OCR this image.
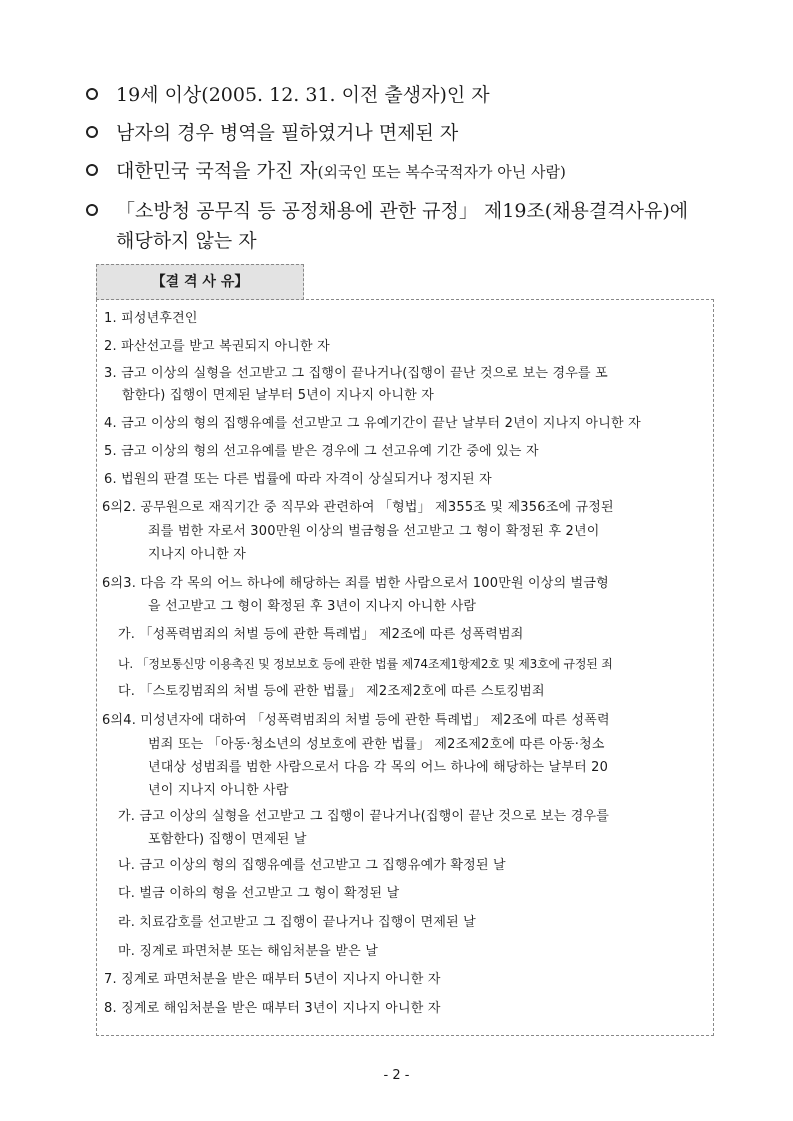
19세 이상(2005. 12. 31. 이전 출생자)인 자
남자의 경우 병역을 필하였거나 면제된 자
대한민국 국적을 가진 자(외국인 또는 복수국적자가 아닌 사람)
「소방청 공무직 등 공정채용에 관한 규정」 제19조(채용결격사유)에
해당하지 않는 자
【결 격 사 유】
1. 피성년후견인
2. 파산선고를 받고 복권되지 아니한 자
3. 금고 이상의 실형을 선고받고 그 집행이 끝나거나(집행이 끝난 것으로 보는 경우를 포
함한다) 집행이 면제된 날부터 5년이 지나지 아니한 자
4. 금고 이상의 형의 집행유예를 선고받고 그 유예기간이 끝난 날부터 2년이 지나지 아니한 자
5. 금고 이상의 형의 선고유예를 받은 경우에 그 선고유예 기간 중에 있는 자
6. 법원의 판결 또는 다른 법률에 따라 자격이 상실되거나 정지된 자
6의2. 공무원으로 재직기간 중 직무와 관련하여 「형법」 제355조 및 제356조에 규정된
죄를 범한 자로서 300만원 이상의 벌금형을 선고받고 그 형이 확정된 후 2년이
지나지 아니한 자
6의3. 다음 각 목의 어느 하나에 해당하는 죄를 범한 사람으로서 100만원 이상의 벌금형
을 선고받고 그 형이 확정된 후 3년이 지나지 아니한 사람
가. 「성폭력범죄의 처벌 등에 관한 특례법」 제2조에 따른 성폭력범죄
나. 「정보통신망 이용촉진 및 정보보호 등에 관한 법률 제74조제1항제2호 및 제3호에 규정된 죄
다. 「스토킹범죄의 처벌 등에 관한 법률」 제2조제2호에 따른 스토킹범죄
6의4. 미성년자에 대하여 「성폭력범죄의 처벌 등에 관한 특례법」 제2조에 따른 성폭력
범죄 또는 「아동·청소년의 성보호에 관한 법률」 제2조제2호에 따른 아동·청소
년대상 성범죄를 범한 사람으로서 다음 각 목의 어느 하나에 해당하는 날부터 20
년이 지나지 아니한 사람
가. 금고 이상의 실형을 선고받고 그 집행이 끝나거나(집행이 끝난 것으로 보는 경우를
포함한다) 집행이 면제된 날
나. 금고 이상의 형의 집행유예를 선고받고 그 집행유예가 확정된 날
다. 벌금 이하의 형을 선고받고 그 형이 확정된 날
라. 치료감호를 선고받고 그 집행이 끝나거나 집행이 면제된 날
마. 징계로 파면처분 또는 해임처분을 받은 날
7. 징계로 파면처분을 받은 때부터 5년이 지나지 아니한 자
8. 징계로 해임처분을 받은 때부터 3년이 지나지 아니한 자
- 2 -
